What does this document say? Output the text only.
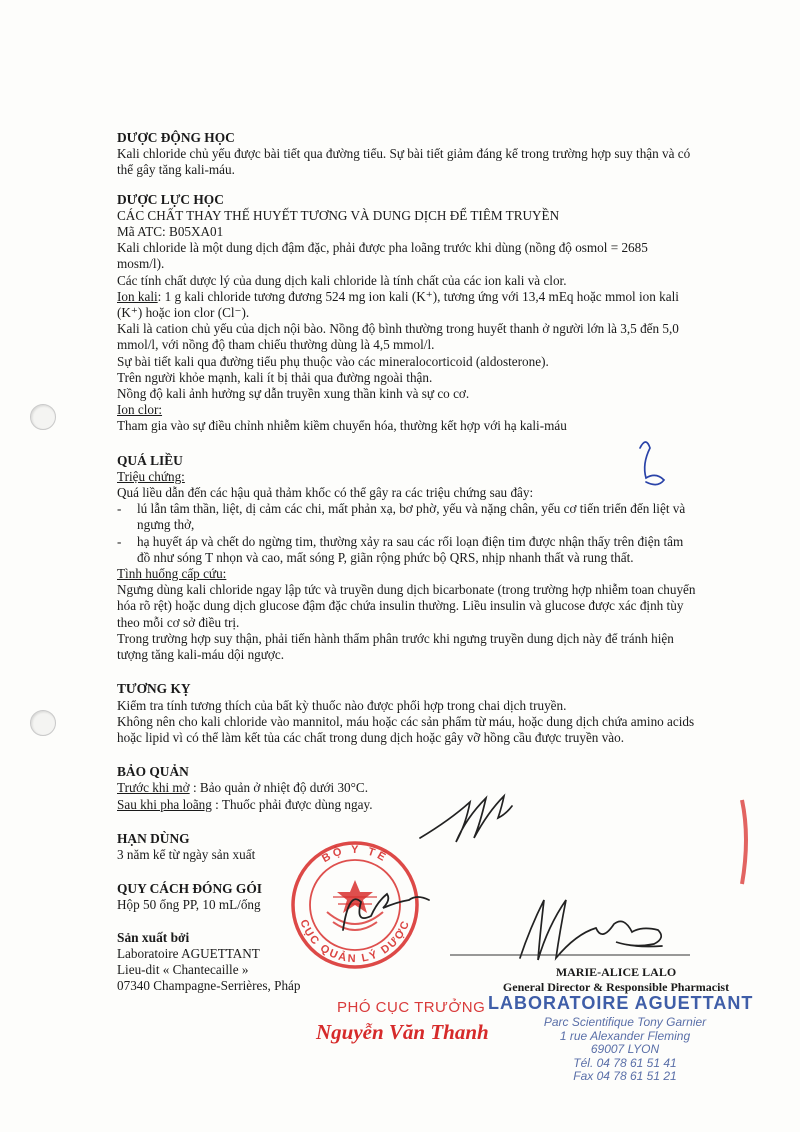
DƯỢC ĐỘNG HỌC

Kali chloride chủ yếu được bài tiết qua đường tiểu. Sự bài tiết giảm đáng kể trong trường hợp suy thận và có thể gây tăng kali-máu.

DƯỢC LỰC HỌC

CÁC CHẤT THAY THẾ HUYẾT TƯƠNG VÀ DUNG DỊCH ĐỂ TIÊM TRUYỀN

Mã ATC: B05XA01

Kali chloride là một dung dịch đậm đặc, phải được pha loãng trước khi dùng (nồng độ osmol = 2685 mosm/l).

Các tính chất dược lý của dung dịch kali chloride là tính chất của các ion kali và clor.

Ion kali: 1 g kali chloride tương đương 524 mg ion kali (K⁺), tương ứng với 13,4 mEq hoặc mmol ion kali (K⁺) hoặc ion clor (Cl⁻).

Kali là cation chủ yếu của dịch nội bào. Nồng độ bình thường trong huyết thanh ở người lớn là 3,5 đến 5,0 mmol/l, với nồng độ tham chiếu thường dùng là 4,5 mmol/l.

Sự bài tiết kali qua đường tiểu phụ thuộc vào các mineralocorticoid (aldosterone).

Trên người khỏe mạnh, kali ít bị thải qua đường ngoài thận.

Nồng độ kali ảnh hưởng sự dẫn truyền xung thần kinh và sự co cơ.

Ion clor:

Tham gia vào sự điều chỉnh nhiễm kiềm chuyển hóa, thường kết hợp với hạ kali-máu

QUÁ LIỀU

Triệu chứng:

Quá liều dẫn đến các hậu quả thảm khốc có thể gây ra các triệu chứng sau đây:

-	lú lẫn tâm thần, liệt, dị cảm các chi, mất phản xạ, bơ phờ, yếu và nặng chân, yếu cơ tiến triển đến liệt và ngưng thở,
-	hạ huyết áp và chết do ngừng tim, thường xảy ra sau các rối loạn điện tim được nhận thấy trên điện tâm đồ như sóng T nhọn và cao, mất sóng P, giãn rộng phức bộ QRS, nhịp nhanh thất và rung thất.

Tình huống cấp cứu:

Ngưng dùng kali chloride ngay lập tức và truyền dung dịch bicarbonate (trong trường hợp nhiễm toan chuyển hóa rõ rệt) hoặc dung dịch glucose đậm đặc chứa insulin thường. Liều insulin và glucose được xác định tùy theo mỗi cơ sở điều trị.

Trong trường hợp suy thận, phải tiến hành thẩm phân trước khi ngưng truyền dung dịch này để tránh hiện tượng tăng kali-máu dội ngược.

TƯƠNG KỴ

Kiểm tra tính tương thích của bất kỳ thuốc nào được phối hợp trong chai dịch truyền.

Không nên cho kali chloride vào mannitol, máu hoặc các sản phẩm từ máu, hoặc dung dịch chứa amino acids hoặc lipid vì có thể làm kết tủa các chất trong dung dịch hoặc gây vỡ hồng cầu được truyền vào.

BẢO QUẢN

Trước khi mở : Bảo quản ở nhiệt độ dưới 30°C.

Sau khi pha loãng : Thuốc phải được dùng ngay.

HẠN DÙNG

3 năm kể từ ngày sản xuất

QUY CÁCH ĐÓNG GÓI

Hộp 50 ống PP, 10 mL/ống

Sản xuất bởi

Laboratoire AGUETTANT

Lieu-dit « Chantecaille »

07340 Champagne-Serrières, Pháp

BỘ Y TẾ
CỤC QUẢN LÝ DƯỢC
MARIE-ALICE LALO
General Director & Responsible Pharmacist
LABORATOIRE AGUETTANT
Parc Scientifique Tony Garnier
1 rue Alexander Fleming
69007 LYON
Tél. 04 78 61 51 41
Fax 04 78 61 51 21
PHÓ CỤC TRƯỞNG
Nguyễn Văn Thanh
